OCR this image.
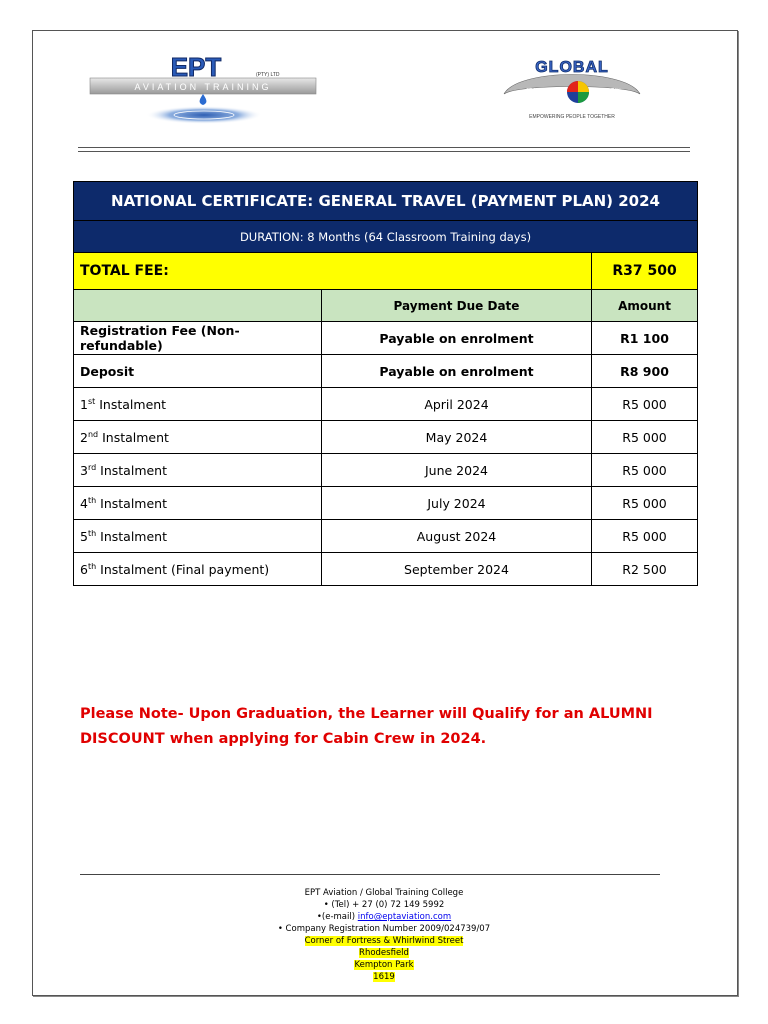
EPT	(PTY) LTD
AVIATION TRAINING
GLOBAL
TRAINING	COLLEGE
EMPOWERING PEOPLE TOGETHER
NATIONAL CERTIFICATE: GENERAL TRAVEL (PAYMENT PLAN) 2024		
DURATION: 8 Months (64 Classroom Training days)		
TOTAL FEE:		R37 500
	Payment Due Date	Amount
Registration Fee (Non-refundable)	Payable on enrolment	R1 100
Deposit	Payable on enrolment	R8 900
1st Instalment	April 2024	R5 000
2nd Instalment	May 2024	R5 000
3rd Instalment	June 2024	R5 000
4th Instalment	July 2024	R5 000
5th Instalment	August 2024	R5 000
6th Instalment (Final payment)	September 2024	R2 500
Please Note- Upon Graduation, the Learner will Qualify for an ALUMNI DISCOUNT when applying for Cabin Crew in 2024.
EPT Aviation / Global Training College
• (Tel) + 27 (0) 72 149 5992
•(e-mail) info@eptaviation.com
• Company Registration Number 2009/024739/07
Corner of Fortress & Whirlwind Street
Rhodesfield
Kempton Park
1619
